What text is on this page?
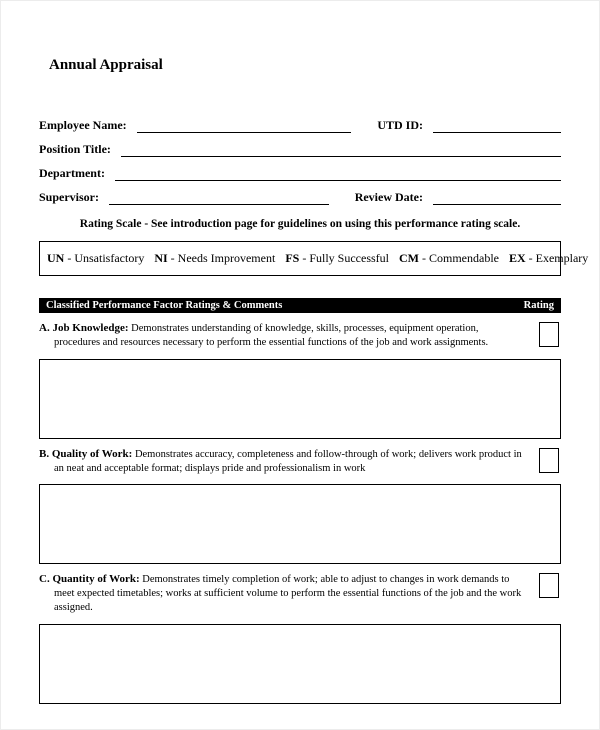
Annual Appraisal
Employee Name:	UTD ID:
Position Title:
Department:
Supervisor:	Review Date:
Rating Scale - See introduction page for guidelines on using this performance rating scale.
UN - Unsatisfactory NI - Needs Improvement FS - Fully Successful CM - Commendable EX - Exemplary
Classified Performance Factor Ratings & Comments	Rating

A. Job Knowledge: Demonstrates understanding of knowledge, skills, processes, equipment operation, procedures and resources necessary to perform the essential functions of the job and work assignments.

B. Quality of Work: Demonstrates accuracy, completeness and follow-through of work; delivers work product in an neat and acceptable format; displays pride and professionalism in work

C. Quantity of Work: Demonstrates timely completion of work; able to adjust to changes in work demands to meet expected timetables; works at sufficient volume to perform the essential functions of the job and the work assigned.
